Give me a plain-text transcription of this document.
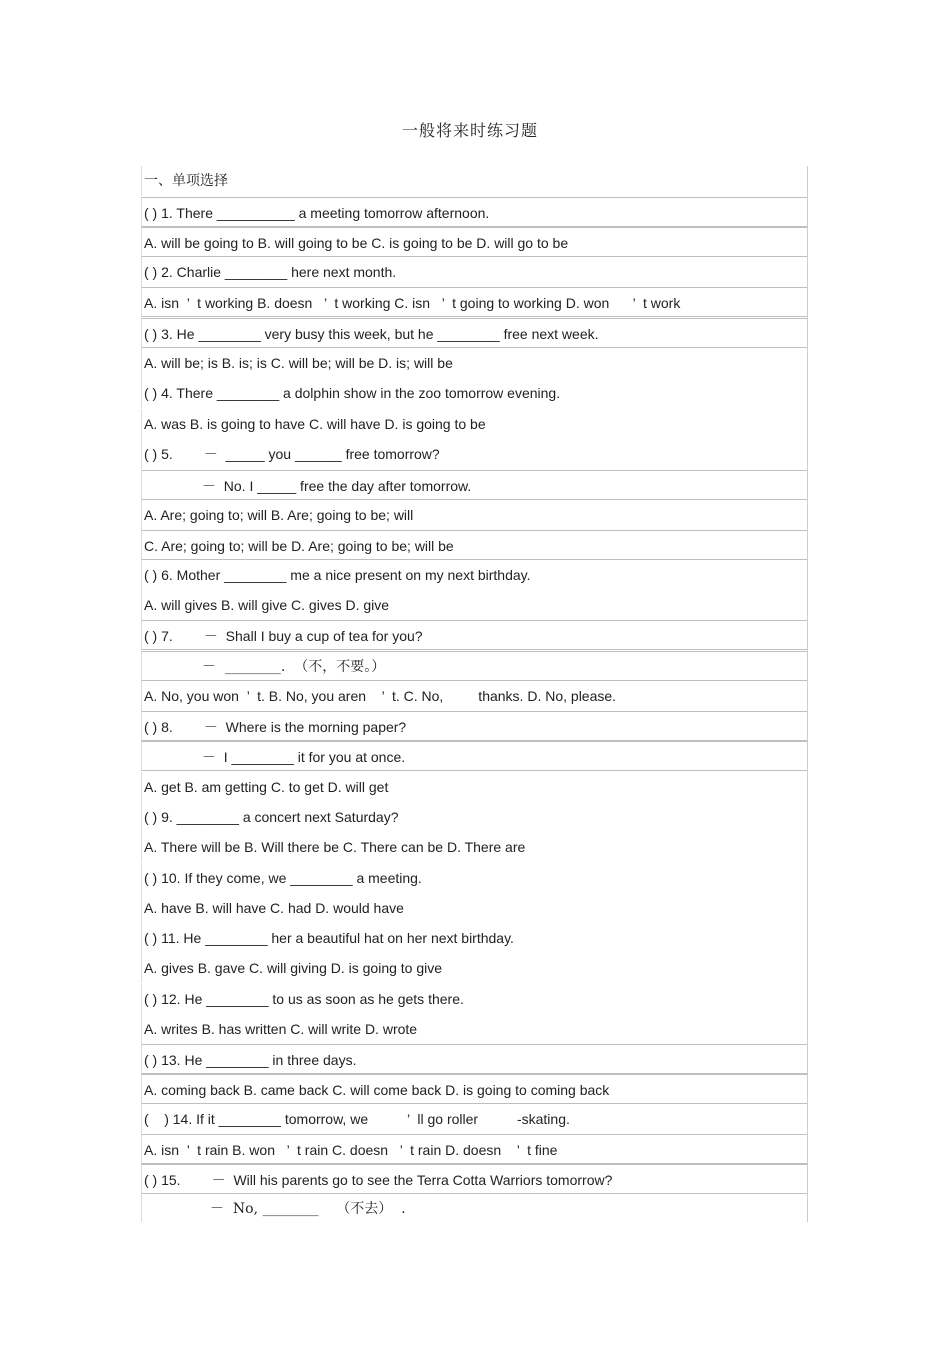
一般将来时练习题
一、单项选择
( ) 1. There __________ a meeting tomorrow afternoon.
A. will be going to B. will going to be C. is going to be D. will go to be
( ) 2. Charlie ________ here next month.
A. isn  ’  t working B. doesn   ’  t working C. isn   ’  t going to working D. won      ’  t work
( ) 3. He ________ very busy this week, but he ________ free next week.
A. will be; is B. is; is C. will be; will be D. is; will be
( ) 4. There ________ a dolphin show in the zoo tomorrow evening.
A. was B. is going to have C. will have D. is going to be
( ) 5.        －  _____ you ______ free tomorrow?
－  No. I _____ free the day after tomorrow.
A. Are; going to; will B. Are; going to be; will
C. Are; going to; will be D. Are; going to be; will be
( ) 6. Mother ________ me a nice present on my next birthday.
A. will gives B. will give C. gives D. give
( ) 7.        －  Shall I buy a cup of tea for you?
－  ________.  （不，不要。）
A. No, you won  ’  t. B. No, you aren    ’  t. C. No,         thanks. D. No, please.
( ) 8.        －  Where is the morning paper?
－  I ________ it for you at once.
A. get B. am getting C. to get D. will get
( ) 9. ________ a concert next Saturday?
A. There will be B. Will there be C. There can be D. There are
( ) 10. If they come, we ________ a meeting.
A. have B. will have C. had D. would have
( ) 11. He ________ her a beautiful hat on her next birthday.
A. gives B. gave C. will giving D. is going to give
( ) 12. He ________ to us as soon as he gets there.
A. writes B. has written C. will write D. wrote
( ) 13. He ________ in three days.
A. coming back B. came back C. will come back D. is going to coming back
(    ) 14. If it ________ tomorrow, we          ’  ll go roller          -skating.
A. isn  ’  t rain B. won   ’  t rain C. doesn   ’  t rain D. doesn    ’  t fine
( ) 15.        －  Will his parents go to see the Terra Cotta Warriors tomorrow?
－  No, ________    （不去）  .
